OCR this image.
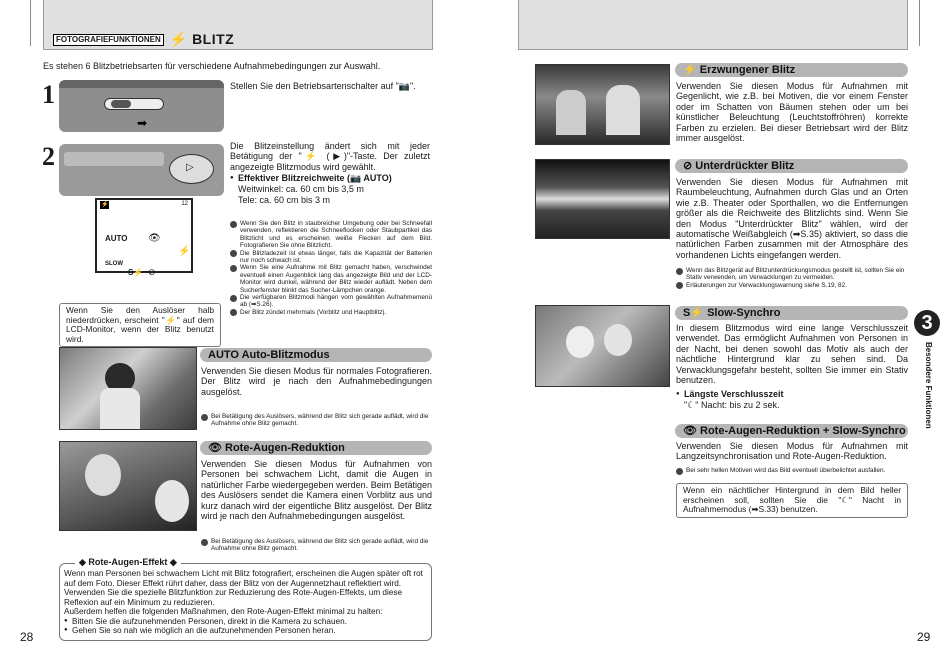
FOTOGRAFIEFUNKTIONEN ⚡ BLITZ
Es stehen 6 Blitzbetriebsarten für verschiedene Aufnahmebedingungen zur Auswahl.
1
➡
Stellen Sie den Betriebsartenschalter auf "📷".
2	▷
⚡	12
AUTO 👁
⚡
SLOW
S⚡ ⊘
Die Blitzeinstellung ändert sich mit jeder Betätigung der "⚡ (▶)"-Taste. Der zuletzt angezeigte Blitzmodus wird gewählt.
● Effektiver Blitzreichweite (📷 AUTO)
Weitwinkel: ca. 60 cm bis 3,5 m
Tele: ca. 60 cm bis 3 m
Wenn Sie den Blitz in staubreicher Umgebung oder bei Schneefall verwenden, reflektieren die Schneeflocken oder Staubpartikel das Blitzlicht und es erscheinen weiße Flecken auf dem Bild. Fotografieren Sie ohne Blitzlicht.
Die Blitzladezeit ist etwas länger, falls die Kapazität der Batterien nur noch schwach ist.
Wenn Sie eine Aufnahme mit Blitz gemacht haben, verschwindet eventuell einen Augenblick lang das angezeigte Bild und der LCD-Monitor wird dunkel, während der Blitz wieder auflädt. Neben dem Sucherfenster blinkt das Sucher-Lämpchen orange.
Die verfügbaren Blitzmodi hängen vom gewählten Aufnahmemenü ab (➡S.26).
Der Blitz zündet mehrmals (Vorblitz und Hauptblitz).
Wenn Sie den Auslöser halb niederdrücken, erscheint "⚡" auf dem LCD-Monitor, wenn der Blitz benutzt wird.
AUTO Auto-Blitzmodus
Verwenden Sie diesen Modus für normales Fotografieren. Der Blitz wird je nach den Aufnahmebedingungen ausgelöst.
Bei Betätigung des Auslösers, während der Blitz sich gerade auflädt, wird die Aufnahme ohne Blitz gemacht.
👁 Rote-Augen-Reduktion
Verwenden Sie diesen Modus für Aufnahmen von Personen bei schwachem Licht, damit die Augen in natürlicher Farbe wiedergegeben werden. Beim Betätigen des Auslösers sendet die Kamera einen Vorblitz aus und kurz danach wird der eigentliche Blitz ausgelöst. Der Blitz wird je nach den Aufnahmebedingungen ausgelöst.
Bei Betätigung des Auslösers, während der Blitz sich gerade auflädt, wird die Aufnahme ohne Blitz gemacht.
◆ Rote-Augen-Effekt ◆
Wenn man Personen bei schwachem Licht mit Blitz fotografiert, erscheinen die Augen später oft rot auf dem Foto. Dieser Effekt rührt daher, dass der Blitz von der Augennetzhaut reflektiert wird. Verwenden Sie die spezielle Blitzfunktion zur Reduzierung des Rote-Augen-Effekts, um diese Reflexion auf ein Minimum zu reduzieren.
Außerdem helfen die folgenden Maßnahmen, den Rote-Augen-Effekt minimal zu halten:
● Bitten Sie die aufzunehmenden Personen, direkt in die Kamera zu schauen.
● Gehen Sie so nah wie möglich an die aufzunehmenden Personen heran.
28
⚡ Erzwungener Blitz
Verwenden Sie diesen Modus für Aufnahmen mit Gegenlicht, wie z.B. bei Motiven, die vor einem Fenster oder im Schatten von Bäumen stehen oder um bei künstlicher Beleuchtung (Leuchtstoffröhren) korrekte Farben zu erzielen. Bei dieser Betriebsart wird der Blitz immer ausgelöst.
⊘ Unterdrückter Blitz
Verwenden Sie diesen Modus für Aufnahmen mit Raumbeleuchtung, Aufnahmen durch Glas und an Orten wie z.B. Theater oder Sporthallen, wo die Entfernungen größer als die Reichweite des Blitzlichts sind. Wenn Sie den Modus "Unterdrückter Blitz" wählen, wird der automatische Weißabgleich (➡S.35) aktiviert, so dass die natürlichen Farben zusammen mit der Atmosphäre des vorhandenen Lichts eingefangen werden.
Wenn das Blitzgerät auf Blitzunterdrückungsmodus gestellt ist, sollten Sie ein Stativ verwenden, um Verwacklungen zu vermeiden.
Erläuterungen zur Verwacklungswarnung siehe S.19, 82.
S⚡ Slow-Synchro
In diesem Blitzmodus wird eine lange Verschlusszeit verwendet. Das ermöglicht Aufnahmen von Personen in der Nacht, bei denen sowohl das Motiv als auch der nächtliche Hintergrund klar zu sehen sind. Da Verwacklungsgefahr besteht, sollten Sie immer ein Stativ benutzen.
● Längste Verschlusszeit
"☾" Nacht: bis zu 2 sek.
👁 Rote-Augen-Reduktion + Slow-Synchro
Verwenden Sie diesen Modus für Aufnahmen mit Langzeitsynchronisation und Rote-Augen-Reduktion.
Bei sehr hellen Motiven wird das Bild eventuell überbelichtet ausfallen.
Wenn ein nächtlicher Hintergrund in dem Bild heller erscheinen soll, sollten Sie die "☾" Nacht in Aufnahmemodus (➡S.33) benutzen.
3
Besondere Funktionen
29
